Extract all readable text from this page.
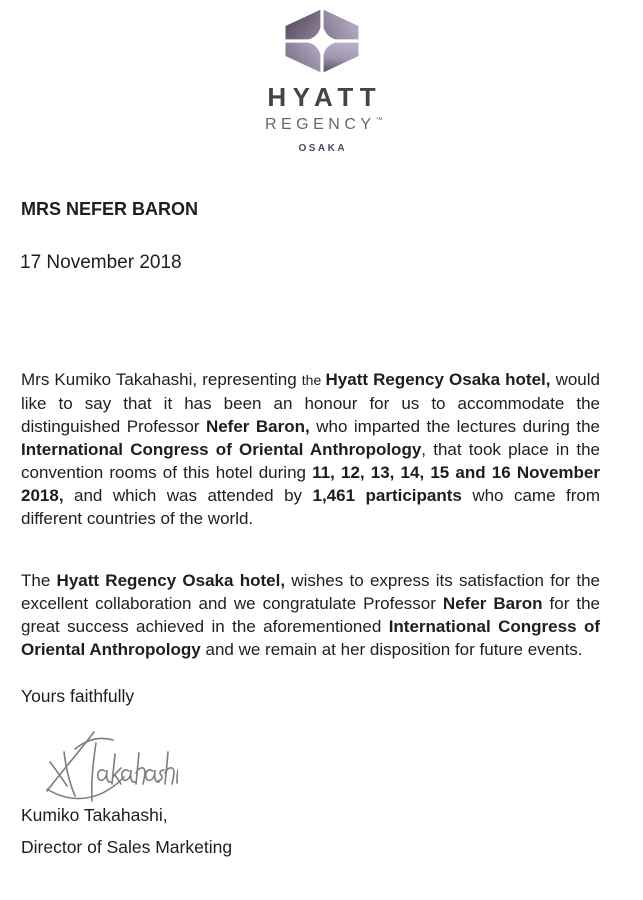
HYATT
REGENCY™
OSAKA
MRS NEFER BARON
17 November 2018

Mrs Kumiko Takahashi, representing the Hyatt Regency Osaka hotel, would like to say that it has been an honour for us to accommodate the distinguished Professor Nefer Baron, who imparted the lectures during the International Congress of Oriental Anthropology, that took place in the convention rooms of this hotel during 11, 12, 13, 14, 15 and 16 November 2018, and which was attended by 1,461 participants who came from different countries of the world.

The Hyatt Regency Osaka hotel, wishes to express its satisfaction for the excellent collaboration and we congratulate Professor Nefer Baron for the great success achieved in the aforementioned International Congress of Oriental Anthropology and we remain at her disposition for future events.

Yours faithfully
Kumiko Takahashi,
Director of Sales Marketing
